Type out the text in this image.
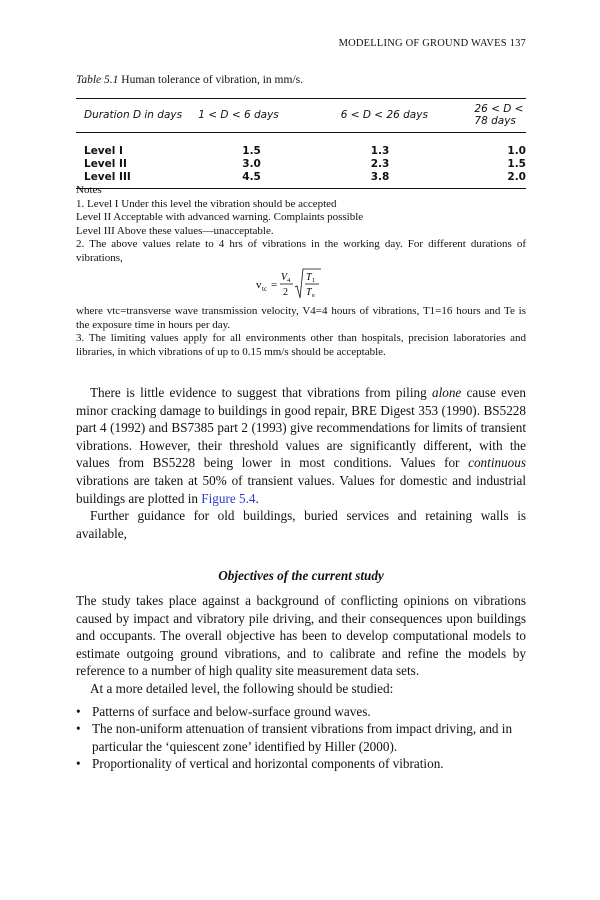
MODELLING OF GROUND WAVES 137
Table 5.1 Human tolerance of vibration, in mm/s.
Duration D in days	1 < D < 6 days	6 < D < 26 days	26 < D < 78 days
Level I	1.5	1.3	1.0
Level II	3.0	2.3	1.5
Level III	4.5	3.8	2.0

Notes

1. Level I Under this level the vibration should be accepted

Level II Acceptable with advanced warning. Complaints possible

Level III Above these values—unacceptable.

2. The above values relate to 4 hrs of vibrations in the working day. For different durations of vibrations,

v tc =
V 4
2
T 1
T e

where vtc=transverse wave transmission velocity, V4=4 hours of vibrations, T1=16 hours and Te is the exposure time in hours per day.

3. The limiting values apply for all environments other than hospitals, precision laboratories and libraries, in which vibrations of up to 0.15 mm/s should be acceptable.

There is little evidence to suggest that vibrations from piling alone cause even minor cracking damage to buildings in good repair, BRE Digest 353 (1990). BS5228 part 4 (1992) and BS7385 part 2 (1993) give recommendations for limits of transient vibrations. However, their threshold values are significantly different, with the values from BS5228 being lower in most conditions. Values for continuous vibrations are taken at 50% of transient values. Values for domestic and industrial buildings are plotted in Figure 5.4.

Further guidance for old buildings, buried services and retaining walls is available,

Objectives of the current study

The study takes place against a background of conflicting opinions on vibrations caused by impact and vibratory pile driving, and their consequences upon buildings and occupants. The overall objective has been to develop computational models to estimate outgoing ground vibrations, and to calibrate and refine the models by reference to a number of high quality site measurement data sets.

At a more detailed level, the following should be studied:

• Patterns of surface and below-surface ground waves.
• The non-uniform attenuation of transient vibrations from impact driving, and in particular the ‘quiescent zone’ identified by Hiller (2000).
• Proportionality of vertical and horizontal components of vibration.
